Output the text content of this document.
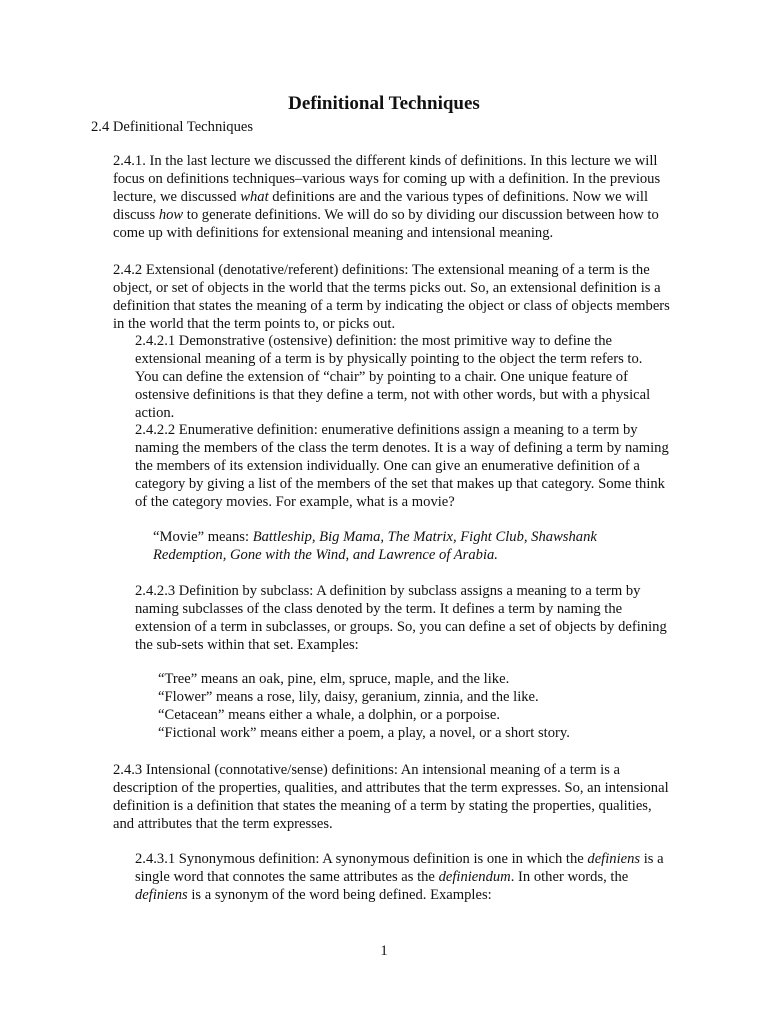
Definitional Techniques

2.4 Definitional Techniques

2.4.1. In the last lecture we discussed the different kinds of definitions. In this lecture we will focus on definitions techniques–various ways for coming up with a definition. In the previous lecture, we discussed what definitions are and the various types of definitions. Now we will discuss how to generate definitions. We will do so by dividing our discussion between how to come up with definitions for extensional meaning and intensional meaning.

2.4.2 Extensional (denotative/referent) definitions: The extensional meaning of a term is the object, or set of objects in the world that the terms picks out. So, an extensional definition is a definition that states the meaning of a term by indicating the object or class of objects members in the world that the term points to, or picks out.

2.4.2.1 Demonstrative (ostensive) definition: the most primitive way to define the extensional meaning of a term is by physically pointing to the object the term refers to. You can define the extension of “chair” by pointing to a chair. One unique feature of ostensive definitions is that they define a term, not with other words, but with a physical action.

2.4.2.2 Enumerative definition: enumerative definitions assign a meaning to a term by naming the members of the class the term denotes. It is a way of defining a term by naming the members of its extension individually. One can give an enumerative definition of a category by giving a list of the members of the set that makes up that category. Some think of the category movies. For example, what is a movie?

“Movie” means: Battleship, Big Mama, The Matrix, Fight Club, Shawshank Redemption, Gone with the Wind, and Lawrence of Arabia.

2.4.2.3 Definition by subclass: A definition by subclass assigns a meaning to a term by naming subclasses of the class denoted by the term. It defines a term by naming the extension of a term in subclasses, or groups. So, you can define a set of objects by defining the sub-sets within that set. Examples:

“Tree” means an oak, pine, elm, spruce, maple, and the like.
“Flower” means a rose, lily, daisy, geranium, zinnia, and the like.
“Cetacean” means either a whale, a dolphin, or a porpoise.
“Fictional work” means either a poem, a play, a novel, or a short story.

2.4.3 Intensional (connotative/sense) definitions: An intensional meaning of a term is a description of the properties, qualities, and attributes that the term expresses. So, an intensional definition is a definition that states the meaning of a term by stating the properties, qualities, and attributes that the term expresses.

2.4.3.1 Synonymous definition: A synonymous definition is one in which the definiens is a single word that connotes the same attributes as the definiendum. In other words, the definiens is a synonym of the word being defined. Examples:

1
